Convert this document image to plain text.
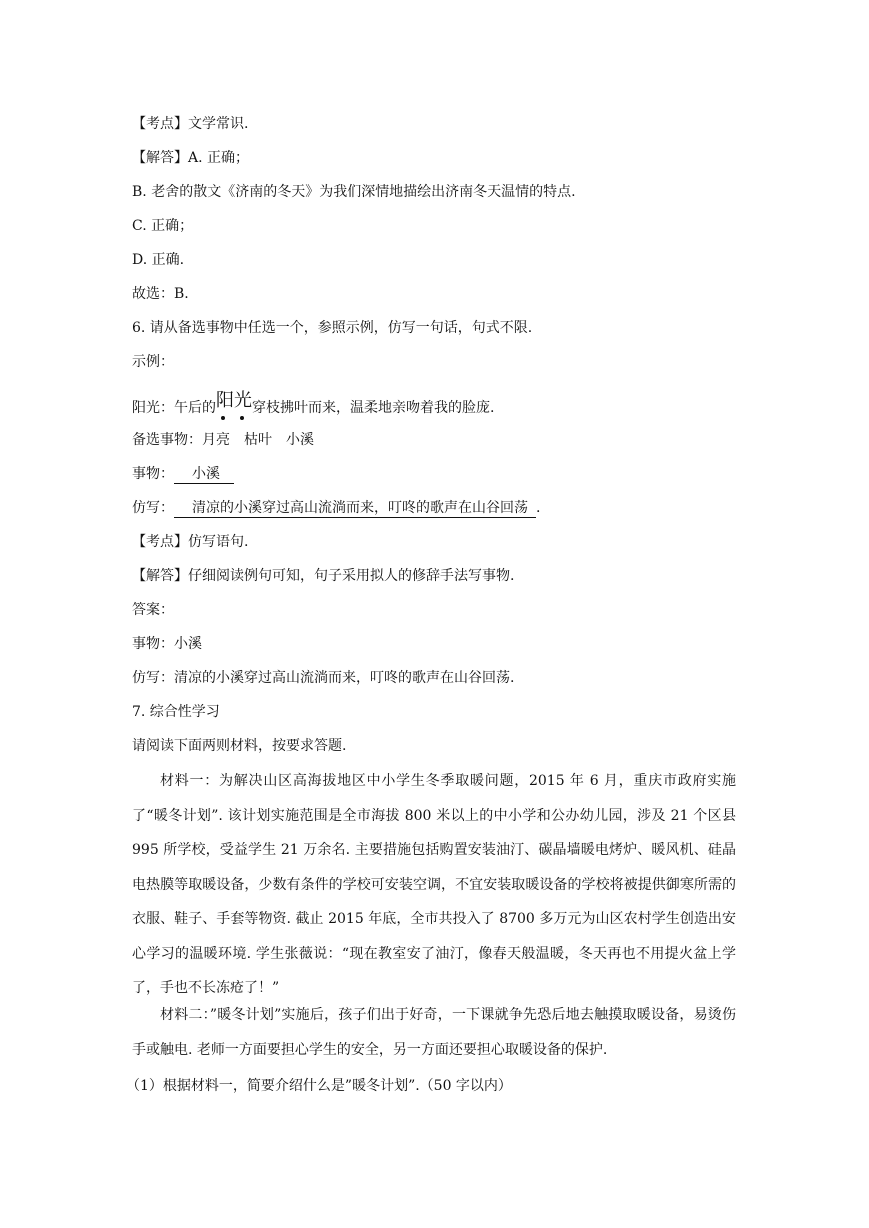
【考点】文学常识.
【解答】A. 正确；
B. 老舍的散文《济南的冬天》为我们深情地描绘出济南冬天温情的特点.
C. 正确；
D. 正确.
故选：B.
6. 请从备选事物中任选一个，参照示例，仿写一句话，句式不限.
示例：
阳光：午后的阳光
穿枝拂叶而来，温柔地亲吻着我的脸庞.
备选事物：月亮　枯叶　小溪
事物： 小溪
仿写： 清凉的小溪穿过高山流淌而来，叮咚的歌声在山谷回荡 .
【考点】仿写语句.
【解答】仔细阅读例句可知，句子采用拟人的修辞手法写事物.
答案：
事物：小溪
仿写：清凉的小溪穿过高山流淌而来，叮咚的歌声在山谷回荡.
7. 综合性学习
请阅读下面两则材料，按要求答题.
材料一：为解决山区高海拔地区中小学生冬季取暖问题，2015 年 6 月，重庆市政府实施了“暖冬计划”. 该计划实施范围是全市海拔 800 米以上的中小学和公办幼儿园，涉及 21 个区县 995 所学校，受益学生 21 万余名. 主要措施包括购置安装油汀、碳晶墙暖电烤炉、暖风机、硅晶电热膜等取暖设备，少数有条件的学校可安装空调，不宜安装取暖设备的学校将被提供御寒所需的衣服、鞋子、手套等物资. 截止 2015 年底，全市共投入了 8700 多万元为山区农村学生创造出安心学习的温暖环境. 学生张薇说：“现在教室安了油汀，像春天般温暖，冬天再也不用提火盆上学了，手也不长冻疮了！”
材料二：”暖冬计划”实施后，孩子们出于好奇，一下课就争先恐后地去触摸取暖设备，易烫伤手或触电. 老师一方面要担心学生的安全，另一方面还要担心取暖设备的保护.
（1）根据材料一，简要介绍什么是”暖冬计划”.（50 字以内）
